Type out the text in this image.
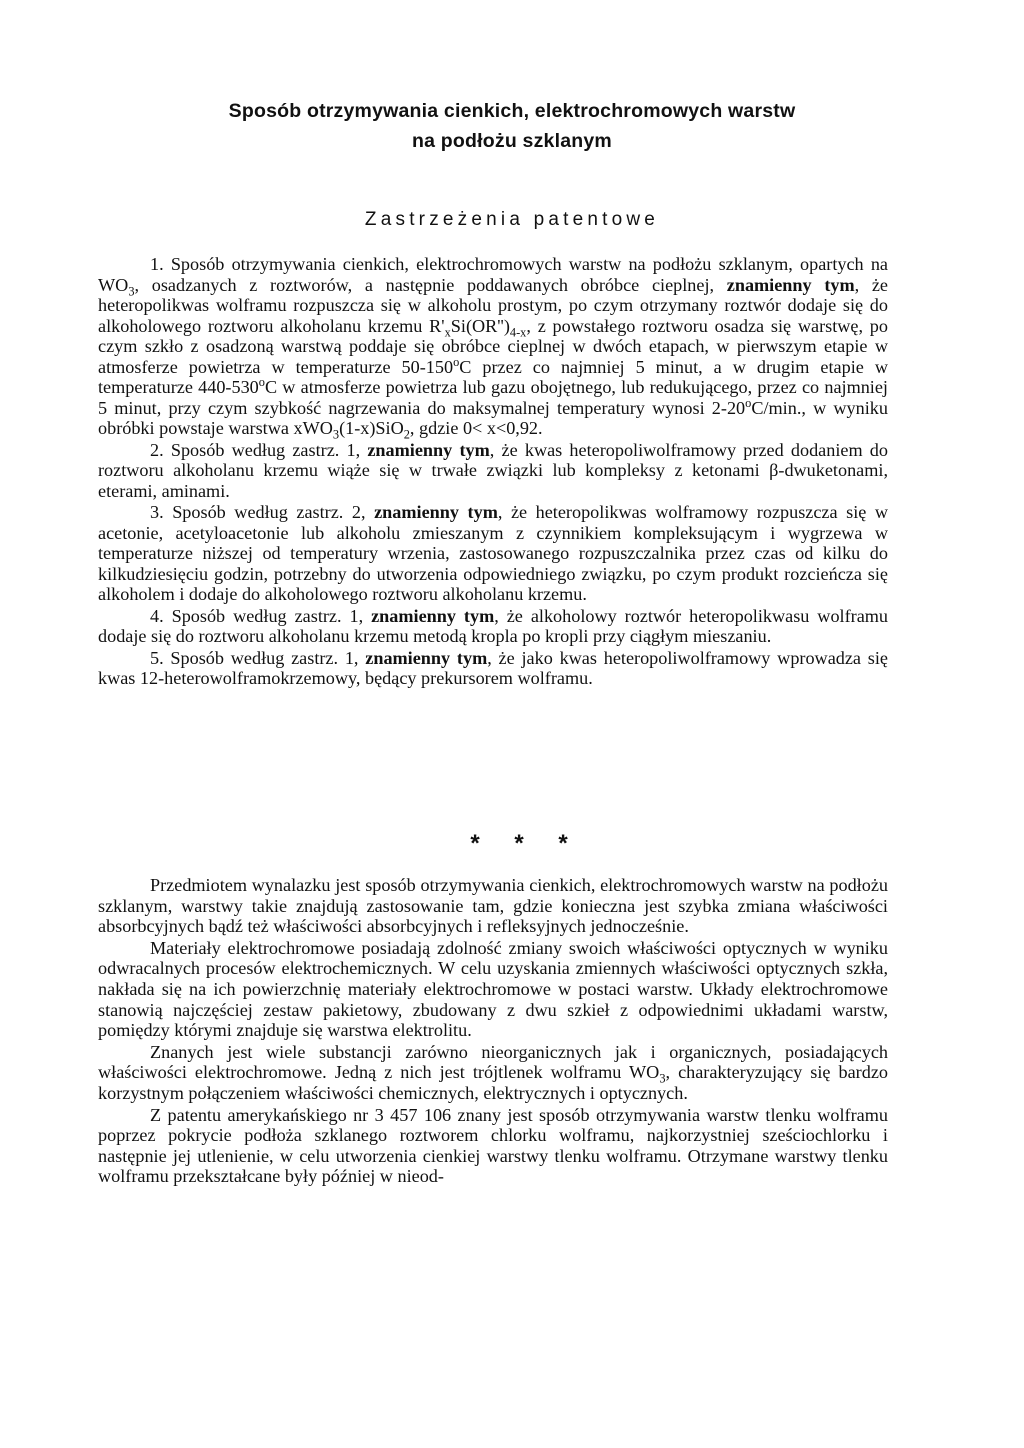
Sposób otrzymywania cienkich, elektrochromowych warstw
na podłożu szklanym
Zastrzeżenia patentowe

1. Sposób otrzymywania cienkich, elektrochromowych warstw na podłożu szklanym, opartych na $WO_3$, osadzanych z roztworów, a następnie poddawanych obróbce cieplnej, znamienny tym, że heteropolikwas wolframu rozpuszcza się w alkoholu prostym, po czym otrzymany roztwór dodaje się do alkoholowego roztworu alkoholanu krzemu $R'_xSi(OR'')_{4-x}$, z powstałego roztworu osadza się warstwę, po czym szkło z osadzoną warstwą poddaje się obróbce cieplnej w dwóch etapach, w pierwszym etapie w atmosferze powietrza w temperaturze 50-150$^o$C przez co najmniej 5 minut, a w drugim etapie w temperaturze 440-530$^o$C w atmosferze powietrza lub gazu obojętnego, lub redukującego, przez co najmniej 5 minut, przy czym szybkość nagrzewania do maksymalnej temperatury wynosi 2-20$^o$C/min., w wyniku obróbki powstaje warstwa xWO$_3$(1-x)SiO$_2$, gdzie 0< x<0,92.

2. Sposób według zastrz. 1, znamienny tym, że kwas heteropoliwolframowy przed dodaniem do roztworu alkoholanu krzemu wiąże się w trwałe związki lub kompleksy z ketonami β-dwuketonami, eterami, aminami.

3. Sposób według zastrz. 2, znamienny tym, że heteropolikwas wolframowy rozpuszcza się w acetonie, acetyloacetonie lub alkoholu zmieszanym z czynnikiem kompleksującym i wygrzewa w temperaturze niższej od temperatury wrzenia, zastosowanego rozpuszczalnika przez czas od kilku do kilkudziesięciu godzin, potrzebny do utworzenia odpowiedniego związku, po czym produkt rozcieńcza się alkoholem i dodaje do alkoholowego roztworu alkoholanu krzemu.

4. Sposób według zastrz. 1, znamienny tym, że alkoholowy roztwór heteropolikwasu wolframu dodaje się do roztworu alkoholanu krzemu metodą kropla po kropli przy ciągłym mieszaniu.

5. Sposób według zastrz. 1, znamienny tym, że jako kwas heteropoliwolframowy wprowadza się kwas 12-heterowolframokrzemowy, będący prekursorem wolframu.

* * *

Przedmiotem wynalazku jest sposób otrzymywania cienkich, elektrochromowych warstw na podłożu szklanym, warstwy takie znajdują zastosowanie tam, gdzie konieczna jest szybka zmiana właściwości absorbcyjnych bądź też właściwości absorbcyjnych i refleksyjnych jednocześnie.

Materiały elektrochromowe posiadają zdolność zmiany swoich właściwości optycznych w wyniku odwracalnych procesów elektrochemicznych. W celu uzyskania zmiennych właściwości optycznych szkła, nakłada się na ich powierzchnię materiały elektrochromowe w postaci warstw. Układy elektrochromowe stanowią najczęściej zestaw pakietowy, zbudowany z dwu szkieł z odpowiednimi układami warstw, pomiędzy którymi znajduje się warstwa elektrolitu.

Znanych jest wiele substancji zarówno nieorganicznych jak i organicznych, posiadających właściwości elektrochromowe. Jedną z nich jest trójtlenek wolframu $WO_3$, charakteryzujący się bardzo korzystnym połączeniem właściwości chemicznych, elektrycznych i optycznych.

Z patentu amerykańskiego nr 3 457 106 znany jest sposób otrzymywania warstw tlenku wolframu poprzez pokrycie podłoża szklanego roztworem chlorku wolframu, najkorzystniej sześciochlorku i następnie jej utlenienie, w celu utworzenia cienkiej warstwy tlenku wolframu. Otrzymane warstwy tlenku wolframu przekształcane były później w nieod-
